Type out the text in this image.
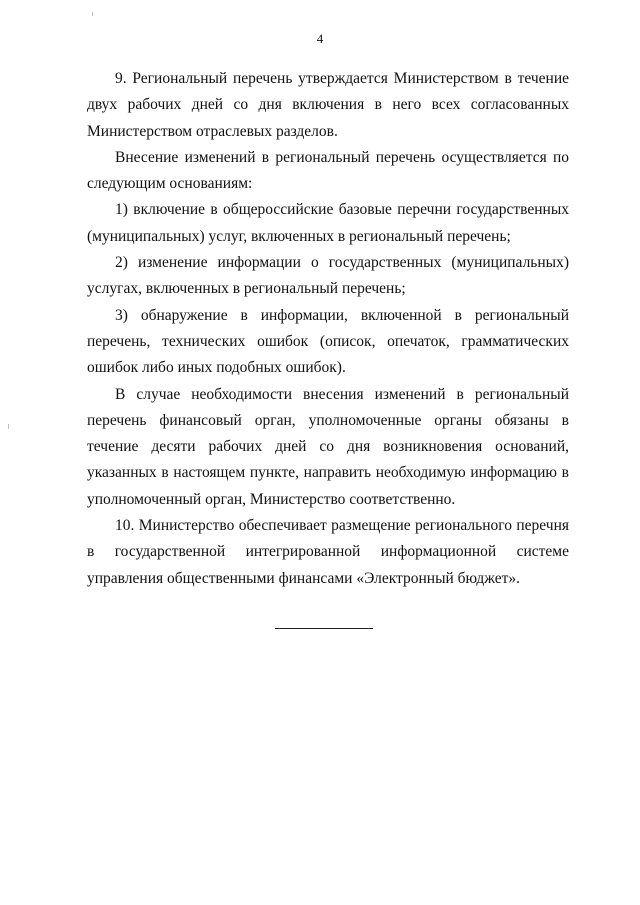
4

9. Региональный перечень утверждается Министерством в течение двух рабочих дней со дня включения в него всех согласованных Министерством отраслевых разделов.

Внесение изменений в региональный перечень осуществляется по следующим основаниям:

1) включение в общероссийские базовые перечни государственных (муниципальных) услуг, включенных в региональный перечень;

2) изменение информации о государственных (муниципальных) услугах, включенных в региональный перечень;

3) обнаружение в информации, включенной в региональный перечень, технических ошибок (описок, опечаток, грамматических ошибок либо иных подобных ошибок).

В случае необходимости внесения изменений в региональный перечень финансовый орган, уполномоченные органы обязаны в течение десяти рабочих дней со дня возникновения оснований, указанных в настоящем пункте, направить необходимую информацию в уполномоченный орган, Министерство соответственно.

10. Министерство обеспечивает размещение регионального перечня в государственной интегрированной информационной системе управления общественными финансами «Электронный бюджет».
